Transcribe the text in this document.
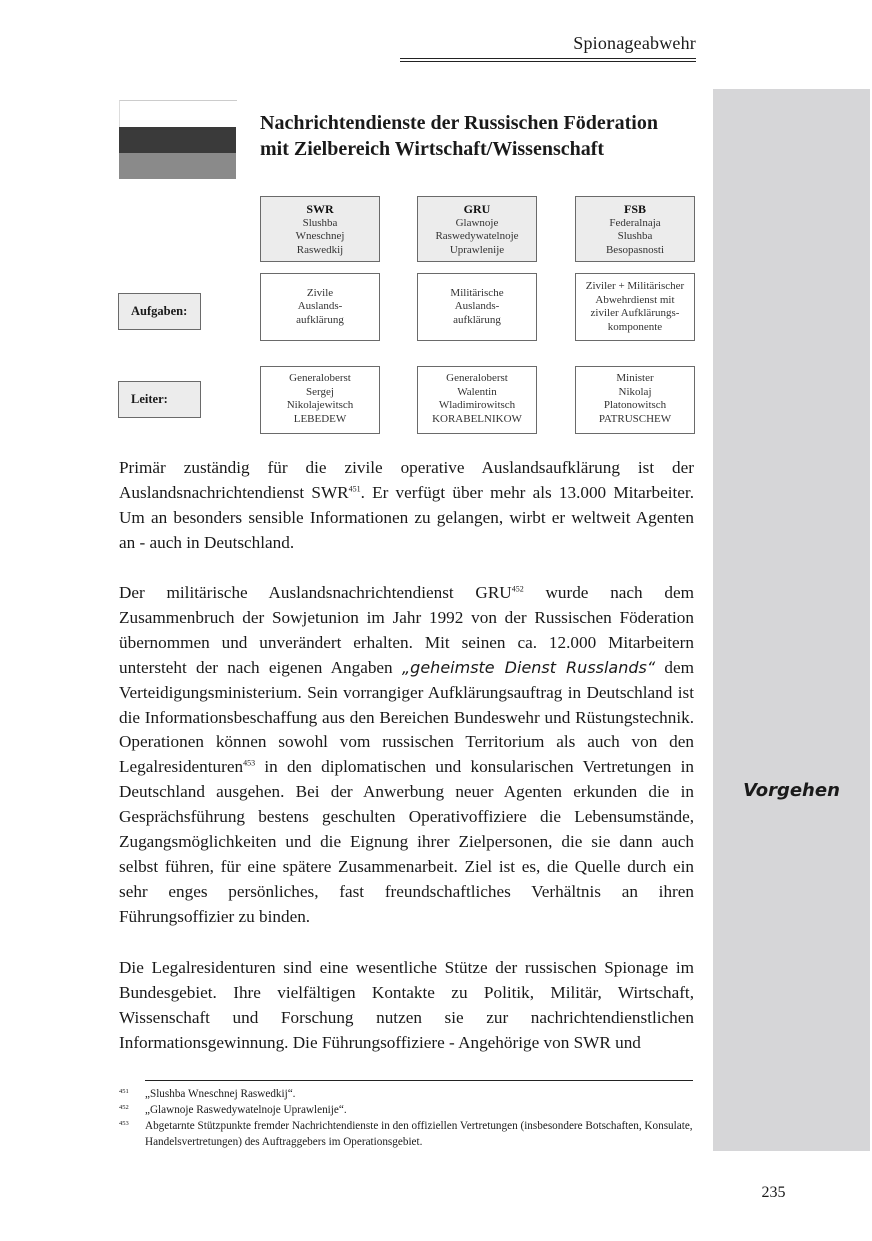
Spionageabwehr
Vorgehen
Nachrichtendienste der Russischen Föderation
mit Zielbereich Wirtschaft/Wissenschaft
Aufgaben:
Leiter:
SWR
Slushba
Wneschnej
Raswedkij
Zivile
Auslands-
aufklärung
Generaloberst
Sergej
Nikolajewitsch
LEBEDEW
GRU
Glawnoje
Raswedywatelnoje
Uprawlenije
Militärische
Auslands-
aufklärung
Generaloberst
Walentin
Wladimirowitsch
KORABELNIKOW
FSB
Federalnaja
Slushba
Besopasnosti
Ziviler + Militärischer
Abwehrdienst mit
ziviler Aufklärungs-
komponente
Minister
Nikolaj
Platonowitsch
PATRUSCHEW
Primär zuständig für die zivile operative Auslandsaufklärung ist der Auslandsnachrichtendienst SWR$^{451}$. Er verfügt über mehr als 13.000 Mitarbeiter. Um an besonders sensible Informationen zu gelangen, wirbt er weltweit Agenten an - auch in Deutschland.
Der militärische Auslandsnachrichtendienst GRU$^{452}$ wurde nach dem Zusammenbruch der Sowjetunion im Jahr 1992 von der Russischen Föderation übernommen und unverändert erhalten. Mit seinen ca. 12.000 Mitarbeitern untersteht der nach eigenen Angaben „geheimste Dienst Russlands“ dem Verteidigungsministerium. Sein vorrangiger Aufklärungsauftrag in Deutschland ist die Informationsbeschaffung aus den Bereichen Bundeswehr und Rüstungstechnik. Operationen können sowohl vom russischen Territorium als auch von den Legalresidenturen$^{453}$ in den diplomatischen und konsularischen Vertretungen in Deutschland ausgehen. Bei der Anwerbung neuer Agenten erkunden die in Gesprächsführung bestens geschulten Operativoffiziere die Lebensumstände, Zugangsmöglichkeiten und die Eignung ihrer Zielpersonen, die sie dann auch selbst führen, für eine spätere Zusammenarbeit. Ziel ist es, die Quelle durch ein sehr enges persönliches, fast freundschaftliches Verhältnis an ihren Führungsoffizier zu binden.
Die Legalresidenturen sind eine wesentliche Stütze der russischen Spionage im Bundesgebiet. Ihre vielfältigen Kontakte zu Politik, Militär, Wirtschaft, Wissenschaft und Forschung nutzen sie zur nachrichtendienstlichen Informationsgewinnung. Die Führungsoffiziere - Angehörige von SWR und
451 „Slushba Wneschnej Raswedkij“.
452 „Glawnoje Raswedywatelnoje Uprawlenije“.
453 Abgetarnte Stützpunkte fremder Nachrichtendienste in den offiziellen Vertretungen (insbesondere Botschaften, Konsulate, Handelsvertretungen) des Auftraggebers im Operationsgebiet.
235
